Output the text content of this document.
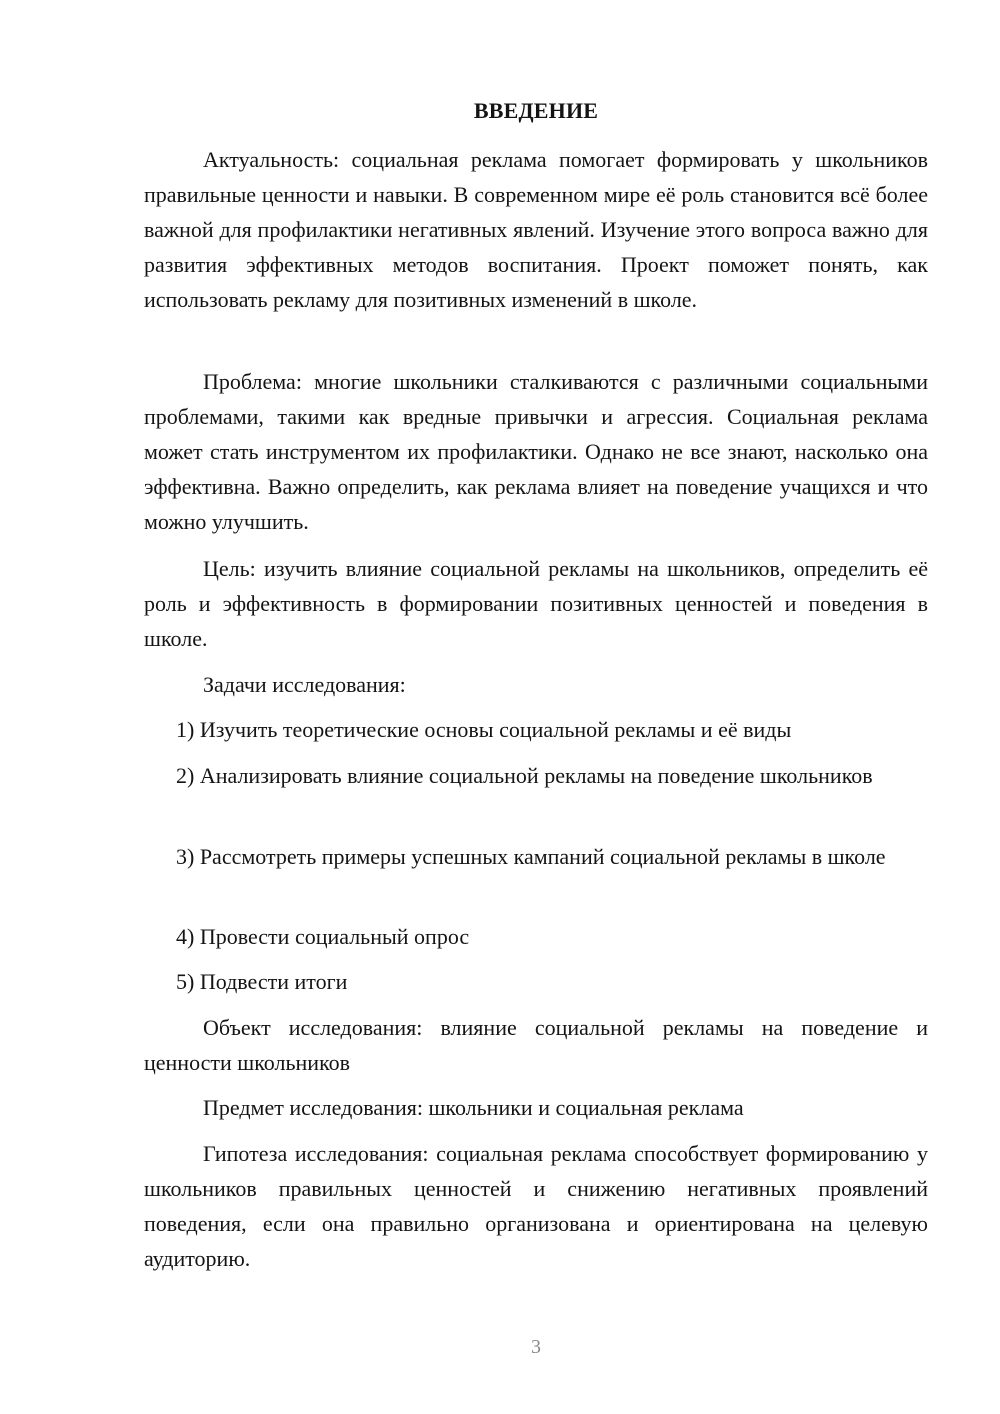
ВВЕДЕНИЕ

Актуальность: социальная реклама помогает формировать у школьников правильные ценности и навыки. В современном мире её роль становится всё более важной для профилактики негативных явлений. Изучение этого вопроса важно для развития эффективных методов воспитания. Проект поможет понять, как использовать рекламу для позитивных изменений в школе.

Проблема: многие школьники сталкиваются с различными социальными проблемами, такими как вредные привычки и агрессия. Социальная реклама может стать инструментом их профилактики. Однако не все знают, насколько она эффективна. Важно определить, как реклама влияет на поведение учащихся и что можно улучшить.

Цель: изучить влияние социальной рекламы на школьников, определить её роль и эффективность в формировании позитивных ценностей и поведения в школе.

Задачи исследования:

1) Изучить теоретические основы социальной рекламы и её виды

2) Анализировать влияние социальной рекламы на поведение школьников

3) Рассмотреть примеры успешных кампаний социальной рекламы в школе

4) Провести социальный опрос

5) Подвести итоги

Объект исследования: влияние социальной рекламы на поведение и ценности школьников

Предмет исследования: школьники и социальная реклама

Гипотеза исследования: социальная реклама способствует формированию у школьников правильных ценностей и снижению негативных проявлений поведения, если она правильно организована и ориентирована на целевую аудиторию.

3
